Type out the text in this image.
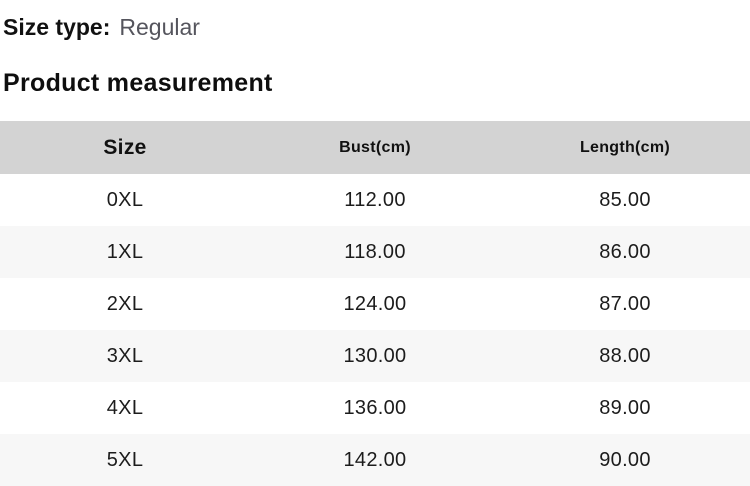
Size type: Regular
Product measurement
Size	Bust(cm)	Length(cm)
0XL	112.00	85.00
1XL	118.00	86.00
2XL	124.00	87.00
3XL	130.00	88.00
4XL	136.00	89.00
5XL	142.00	90.00
